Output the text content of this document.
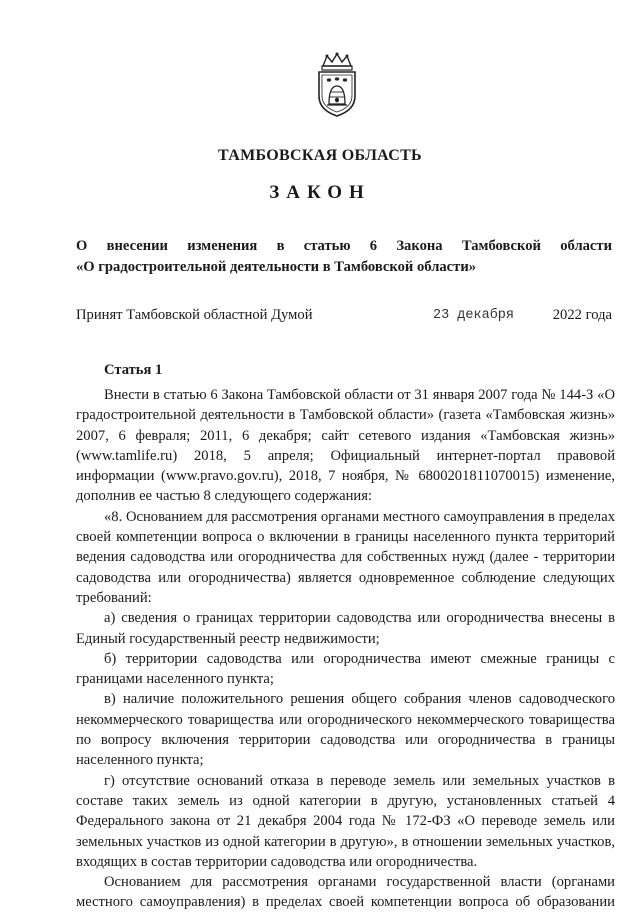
ТАМБОВСКАЯ ОБЛАСТЬ
ЗАКОН
О внесении изменения в статью 6 Закона Тамбовской области
«О градостроительной деятельности в Тамбовской области»
Принят Тамбовской областной Думой	23 декабря	2022 года
Статья 1

Внести в статью 6 Закона Тамбовской области от 31 января 2007 года № 144-З «О градостроительной деятельности в Тамбовской области» (газета «Тамбовская жизнь» 2007, 6 февраля; 2011, 6 декабря; сайт сетевого издания «Тамбовская жизнь» (www.tamlife.ru) 2018, 5 апреля; Официальный интернет-портал правовой информации (www.pravo.gov.ru), 2018, 7 ноября, № 6800201811070015) изменение, дополнив ее частью 8 следующего содержания:

«8. Основанием для рассмотрения органами местного самоуправления в пределах своей компетенции вопроса о включении в границы населенного пункта территорий ведения садоводства или огородничества для собственных нужд (далее - территории садоводства или огородничества) является одновременное соблюдение следующих требований:

а) сведения о границах территории садоводства или огородничества внесены в Единый государственный реестр недвижимости;

б) территории садоводства или огородничества имеют смежные границы с границами населенного пункта;

в) наличие положительного решения общего собрания членов садоводческого некоммерческого товарищества или огороднического некоммерческого товарищества по вопросу включения территории садоводства или огородничества в границы населенного пункта;

г) отсутствие оснований отказа в переводе земель или земельных участков в составе таких земель из одной категории в другую, установленных статьей 4 Федерального закона от 21 декабря 2004 года № 172-ФЗ «О переводе земель или земельных участков из одной категории в другую», в отношении земельных участков, входящих в состав территории садоводства или огородничества.

Основанием для рассмотрения органами государственной власти (органами местного самоуправления) в пределах своей компетенции вопроса об образовании
